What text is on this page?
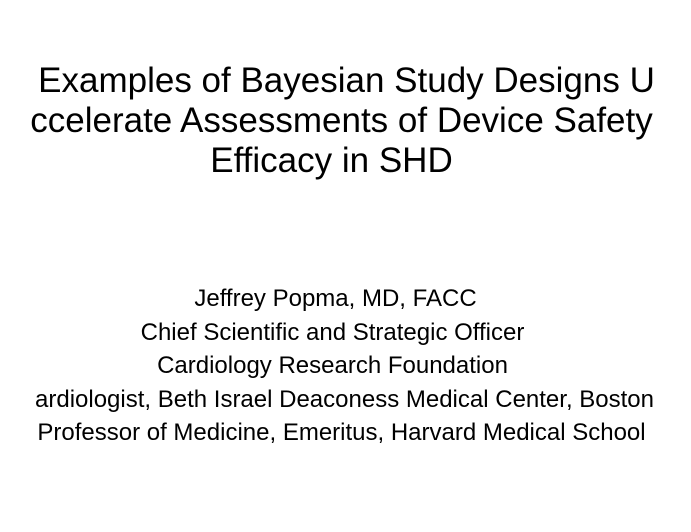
Examples of Bayesian Study Designs U
ccelerate Assessments of Device Safety
Efficacy in SHD
Jeffrey Popma, MD, FACC
Chief Scientific and Strategic Officer
Cardiology Research Foundation
ardiologist, Beth Israel Deaconess Medical Center, Boston
Professor of Medicine, Emeritus, Harvard Medical School
